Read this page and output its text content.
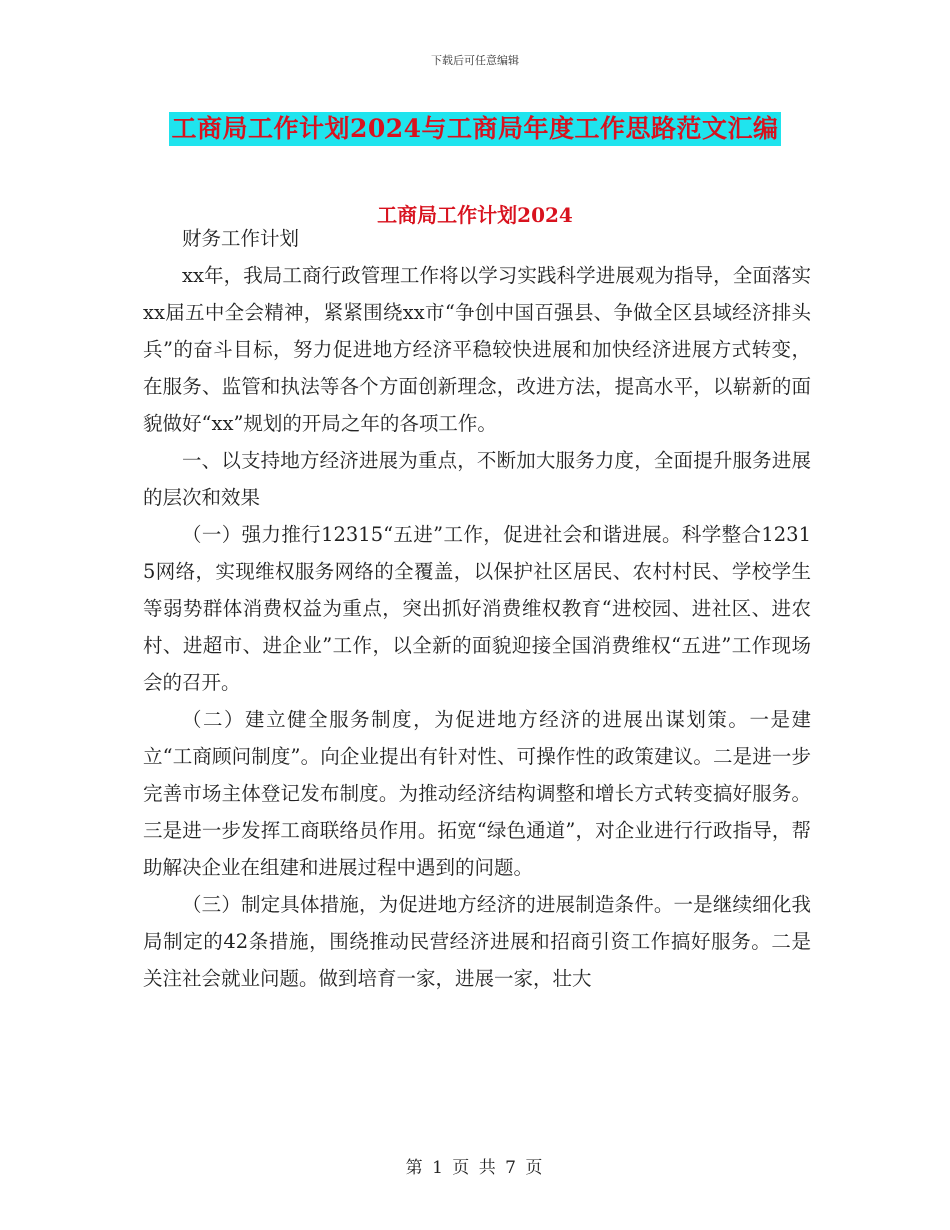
下载后可任意编辑
工商局工作计划2024与工商局年度工作思路范文汇编
工商局工作计划2024

财务工作计划

xx年，我局工商行政管理工作将以学习实践科学进展观为指导，全面落实xx届五中全会精神，紧紧围绕xx市“争创中国百强县、争做全区县域经济排头兵”的奋斗目标，努力促进地方经济平稳较快进展和加快经济进展方式转变，在服务、监管和执法等各个方面创新理念，改进方法，提高水平，以崭新的面貌做好“xx”规划的开局之年的各项工作。

一、以支持地方经济进展为重点，不断加大服务力度，全面提升服务进展的层次和效果

（一）强力推行12315“五进”工作，促进社会和谐进展。科学整合12315网络，实现维权服务网络的全覆盖，以保护社区居民、农村村民、学校学生等弱势群体消费权益为重点，突出抓好消费维权教育“进校园、进社区、进农村、进超市、进企业”工作，以全新的面貌迎接全国消费维权“五进”工作现场会的召开。

（二）建立健全服务制度，为促进地方经济的进展出谋划策。一是建立“工商顾问制度”。向企业提出有针对性、可操作性的政策建议。二是进一步完善市场主体登记发布制度。为推动经济结构调整和增长方式转变搞好服务。三是进一步发挥工商联络员作用。拓宽“绿色通道”，对企业进行行政指导，帮助解决企业在组建和进展过程中遇到的问题。

（三）制定具体措施，为促进地方经济的进展制造条件。一是继续细化我局制定的42条措施，围绕推动民营经济进展和招商引资工作搞好服务。二是关注社会就业问题。做到培育一家，进展一家，壮大

第 1 页 共 7 页
